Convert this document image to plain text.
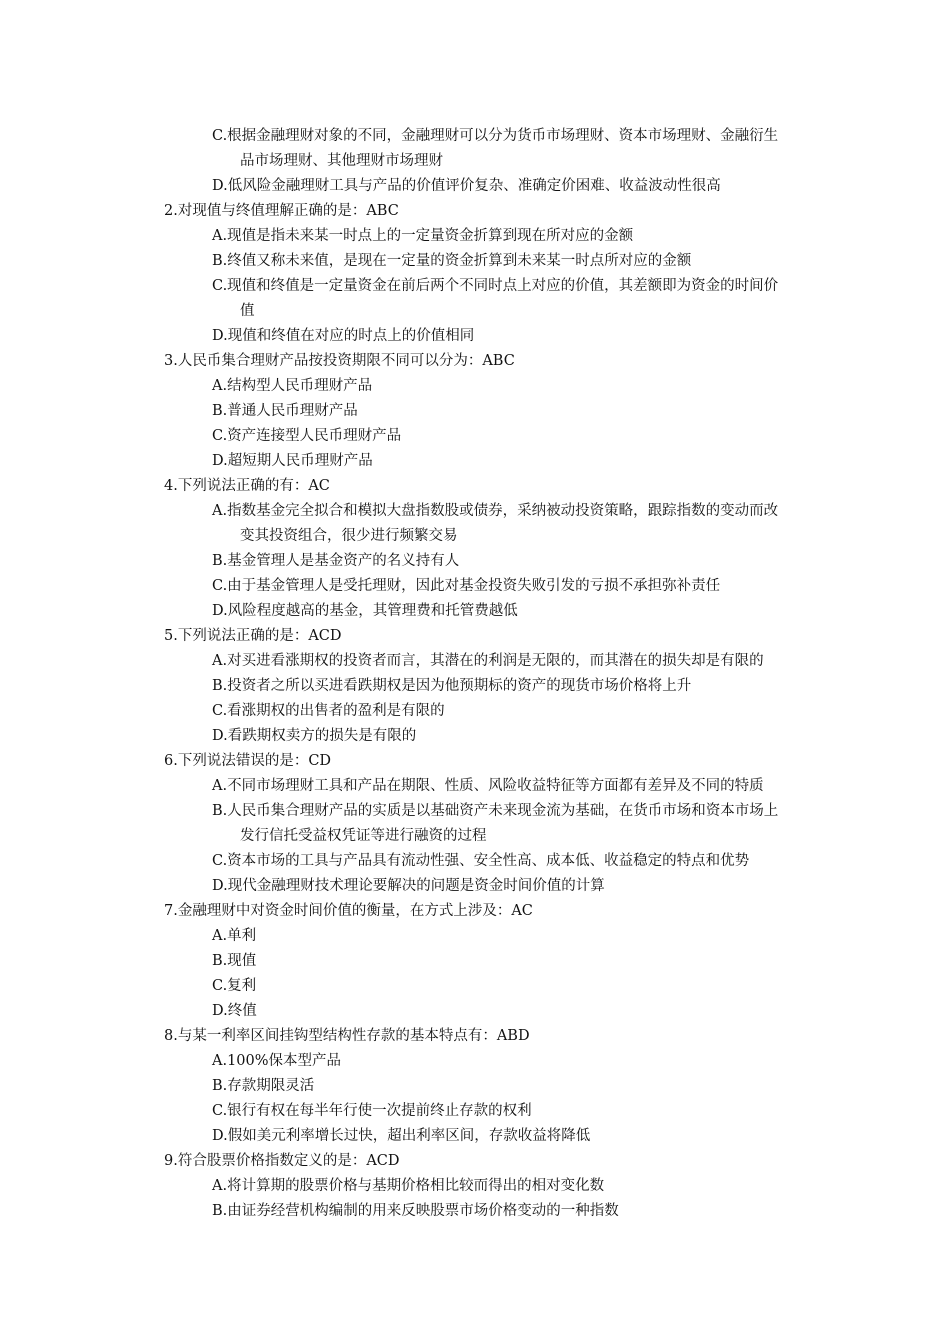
C.根据金融理财对象的不同，金融理财可以分为货币市场理财、资本市场理财、金融衍生
品市场理财、其他理财市场理财
D.低风险金融理财工具与产品的价值评价复杂、准确定价困难、收益波动性很高
2.对现值与终值理解正确的是：ABC
A.现值是指未来某一时点上的一定量资金折算到现在所对应的金额
B.终值又称未来值，是现在一定量的资金折算到未来某一时点所对应的金额
C.现值和终值是一定量资金在前后两个不同时点上对应的价值，其差额即为资金的时间价
值
D.现值和终值在对应的时点上的价值相同
3.人民币集合理财产品按投资期限不同可以分为：ABC
A.结构型人民币理财产品
B.普通人民币理财产品
C.资产连接型人民币理财产品
D.超短期人民币理财产品
4.下列说法正确的有：AC
A.指数基金完全拟合和模拟大盘指数股或债券，采纳被动投资策略，跟踪指数的变动而改
变其投资组合，很少进行频繁交易
B.基金管理人是基金资产的名义持有人
C.由于基金管理人是受托理财，因此对基金投资失败引发的亏损不承担弥补责任
D.风险程度越高的基金，其管理费和托管费越低
5.下列说法正确的是：ACD
A.对买进看涨期权的投资者而言，其潜在的利润是无限的，而其潜在的损失却是有限的
B.投资者之所以买进看跌期权是因为他预期标的资产的现货市场价格将上升
C.看涨期权的出售者的盈利是有限的
D.看跌期权卖方的损失是有限的
6.下列说法错误的是：CD
A.不同市场理财工具和产品在期限、性质、风险收益特征等方面都有差异及不同的特质
B.人民币集合理财产品的实质是以基础资产未来现金流为基础，在货币市场和资本市场上
发行信托受益权凭证等进行融资的过程
C.资本市场的工具与产品具有流动性强、安全性高、成本低、收益稳定的特点和优势
D.现代金融理财技术理论要解决的问题是资金时间价值的计算
7.金融理财中对资金时间价值的衡量，在方式上涉及：AC
A.单利
B.现值
C.复利
D.终值
8.与某一利率区间挂钩型结构性存款的基本特点有：ABD
A.100%保本型产品
B.存款期限灵活
C.银行有权在每半年行使一次提前终止存款的权利
D.假如美元利率增长过快，超出利率区间，存款收益将降低
9.符合股票价格指数定义的是：ACD
A.将计算期的股票价格与基期价格相比较而得出的相对变化数
B.由证券经营机构编制的用来反映股票市场价格变动的一种指数
